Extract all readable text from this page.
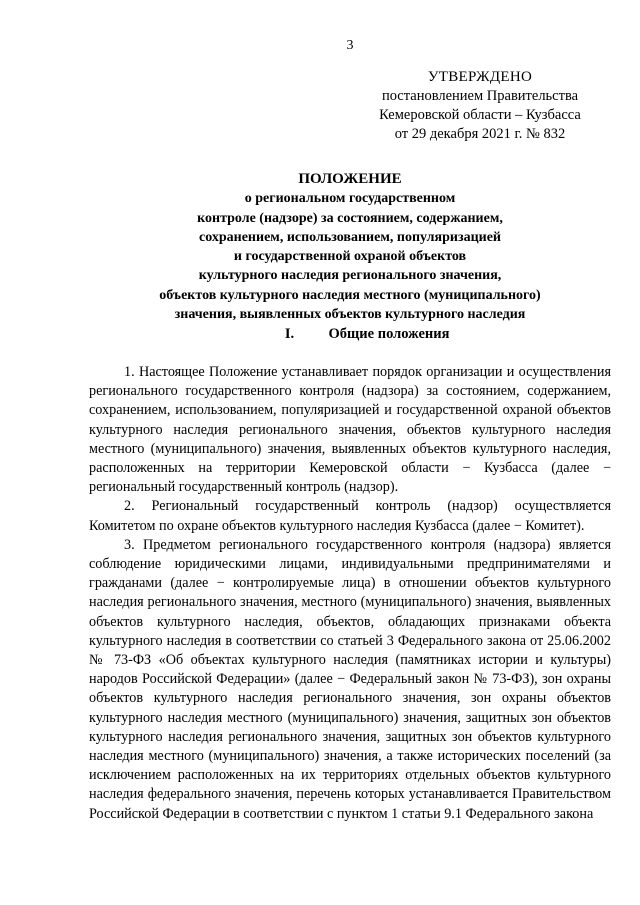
3
УТВЕРЖДЕНО
постановлением Правительства
Кемеровской области – Кузбасса
от 29 декабря 2021 г. № 832
ПОЛОЖЕНИЕ
о региональном государственном
контроле (надзоре) за состоянием, содержанием,
сохранением, использованием, популяризацией
и государственной охраной объектов
культурного наследия регионального значения,
объектов культурного наследия местного (муниципального)
значения, выявленных объектов культурного наследия
I. Общие положения

1. Настоящее Положение устанавливает порядок организации и осуществления регионального государственного контроля (надзора) за состоянием, содержанием, сохранением, использованием, популяризацией и государственной охраной объектов культурного наследия регионального значения, объектов культурного наследия местного (муниципального) значения, выявленных объектов культурного наследия, расположенных на территории Кемеровской области − Кузбасса (далее − региональный государственный контроль (надзор).

2. Региональный государственный контроль (надзор) осуществляется Комитетом по охране объектов культурного наследия Кузбасса (далее − Комитет).

3. Предметом регионального государственного контроля (надзора) является соблюдение юридическими лицами, индивидуальными предпринимателями и гражданами (далее − контролируемые лица) в отношении объектов культурного наследия регионального значения, местного (муниципального) значения, выявленных объектов культурного наследия, объектов, обладающих признаками объекта культурного наследия в соответствии со статьей 3 Федерального закона от 25.06.2002 № 73-ФЗ «Об объектах культурного наследия (памятниках истории и культуры) народов Российской Федерации» (далее − Федеральный закон № 73-ФЗ), зон охраны объектов культурного наследия регионального значения, зон охраны объектов культурного наследия местного (муниципального) значения, защитных зон объектов культурного наследия регионального значения, защитных зон объектов культурного наследия местного (муниципального) значения, а также исторических поселений (за исключением расположенных на их территориях отдельных объектов культурного наследия федерального значения, перечень которых устанавливается Правительством Российской Федерации в соответствии с пунктом 1 статьи 9.1 Федерального закона
